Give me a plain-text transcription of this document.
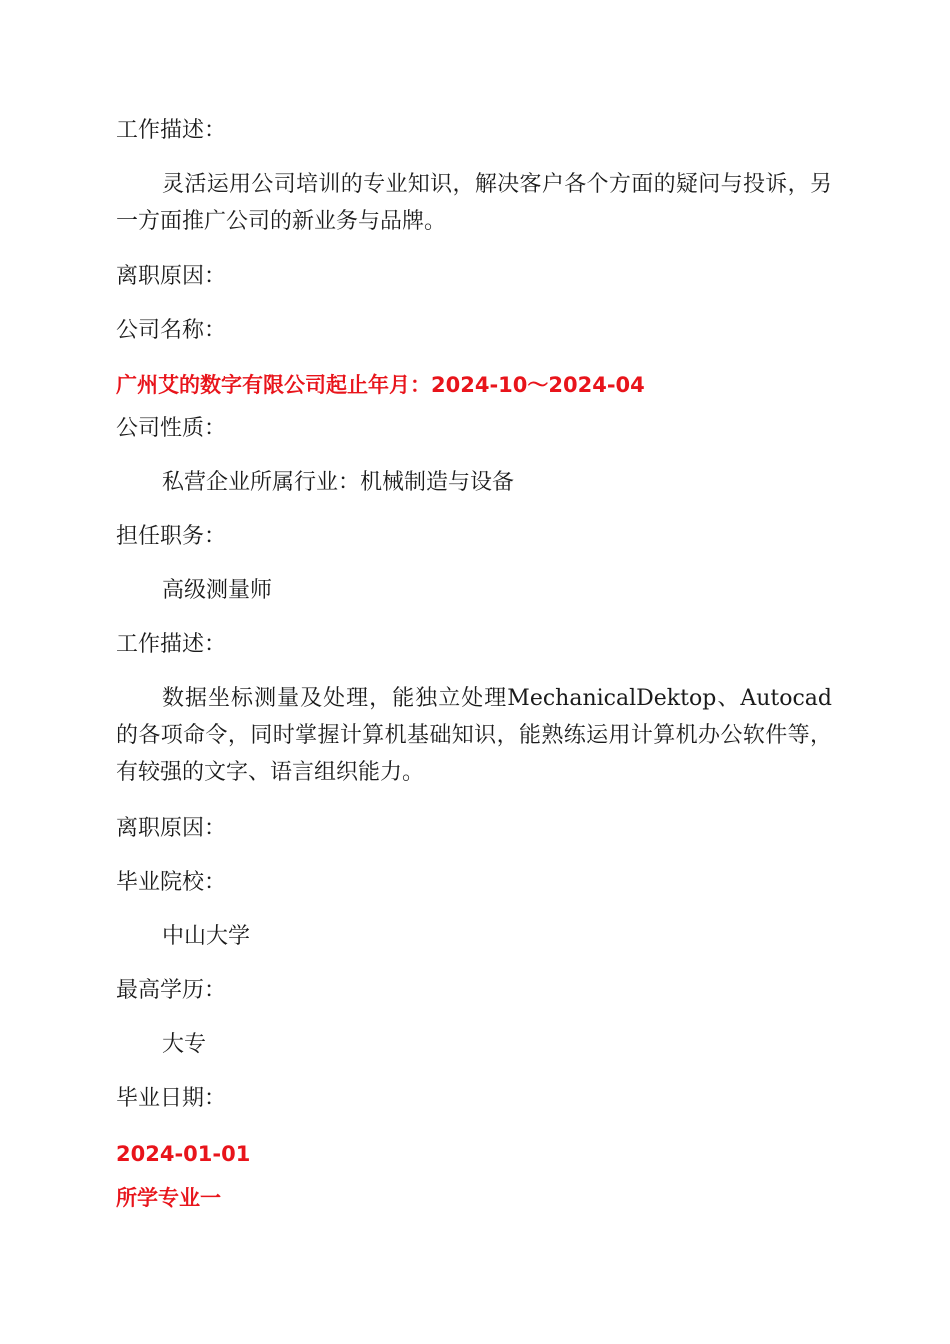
工作描述：
灵活运用公司培训的专业知识，解决客户各个方面的疑问与投诉，另一方面推广公司的新业务与品牌。
离职原因：
公司名称：
广州艾的数字有限公司起止年月：2024-10～2024-04
公司性质：
私营企业所属行业：机械制造与设备
担任职务：
高级测量师
工作描述：
数据坐标测量及处理，能独立处理MechanicalDektop、Autocad的各项命令，同时掌握计算机基础知识，能熟练运用计算机办公软件等，有较强的文字、语言组织能力。
离职原因：
毕业院校：
中山大学
最高学历：
大专
毕业日期：
2024-01-01
所学专业一
